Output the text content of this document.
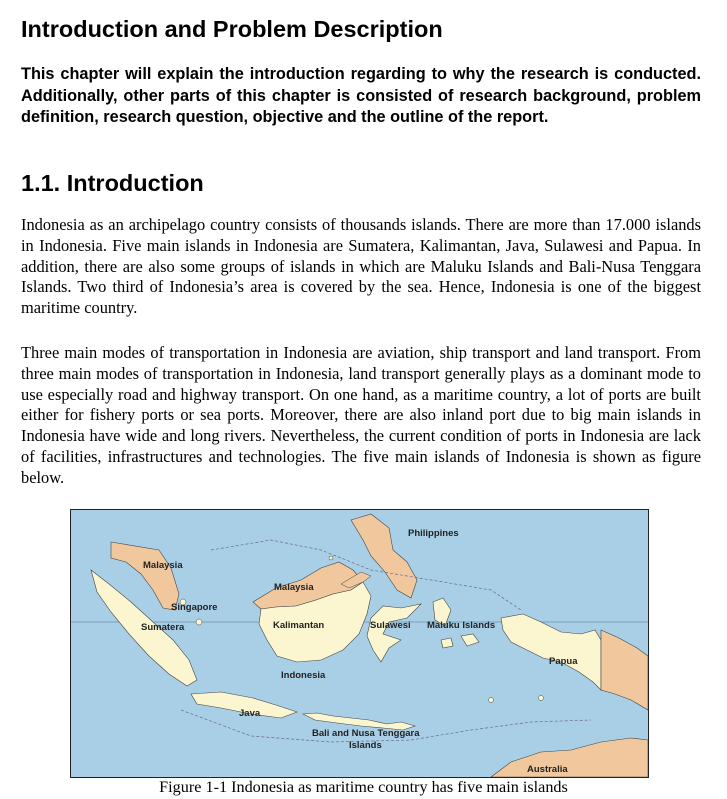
Introduction and Problem Description

This chapter will explain the introduction regarding to why the research is conducted. Additionally, other parts of this chapter is consisted of research background, problem definition, research question, objective and the outline of the report.

1.1. Introduction

Indonesia as an archipelago country consists of thousands islands. There are more than 17.000 islands in Indonesia. Five main islands in Indonesia are Sumatera, Kalimantan, Java, Sulawesi and Papua. In addition, there are also some groups of islands in which are Maluku Islands and Bali-Nusa Tenggara Islands. Two third of Indonesia’s area is covered by the sea. Hence, Indonesia is one of the biggest maritime country.

Three main modes of transportation in Indonesia are aviation, ship transport and land transport. From three main modes of transportation in Indonesia, land transport generally plays as a dominant mode to use especially road and highway transport. On one hand, as a maritime country, a lot of ports are built either for fishery ports or sea ports. Moreover, there are also inland port due to big main islands in Indonesia have wide and long rivers. Nevertheless, the current condition of ports in Indonesia are lack of facilities, infrastructures and technologies. The five main islands of Indonesia is shown as figure below.

Philippines
Malaysia
Malaysia
Singapore
Sumatera	Kalimantan	Sulawesi Maluku Islands
Papua
Indonesia
Java
Bali and Nusa Tenggara
Islands
Australia

Figure 1-1 Indonesia as maritime country has five main islands
